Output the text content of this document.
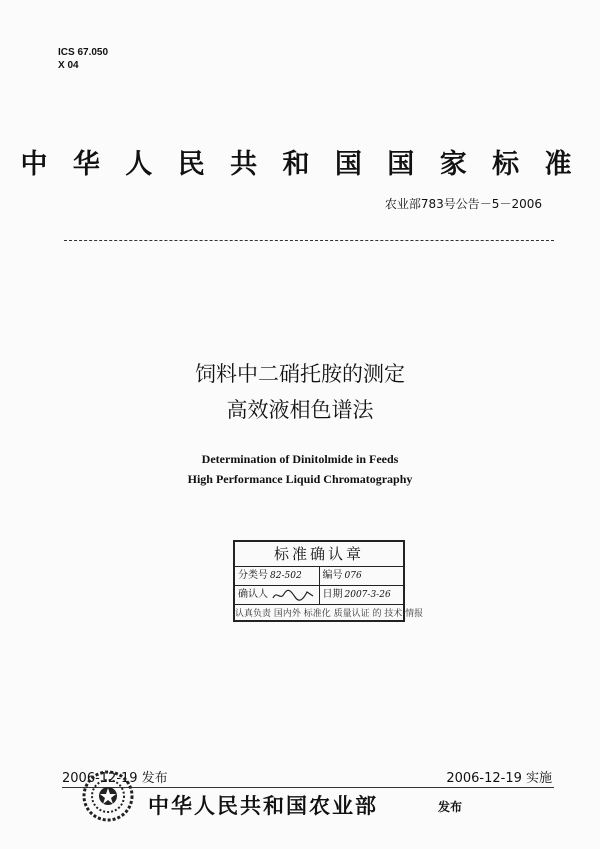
ICS 67.050
X 04
中 华 人 民 共 和 国 国 家 标 准
农业部783号公告－5－2006
饲料中二硝托胺的测定
高效液相色谱法
Determination of Dinitolmide in Feeds
High Performance Liquid Chromatography
标准确认章
分类号 82-502	编号 076
确认人	日期 2007-3-26
认真负责 国内外 标准化 质量认证 的 技术 情报
2006-12-19 发布	2006-12-19 实施
中华人民共和国农业部	发布
